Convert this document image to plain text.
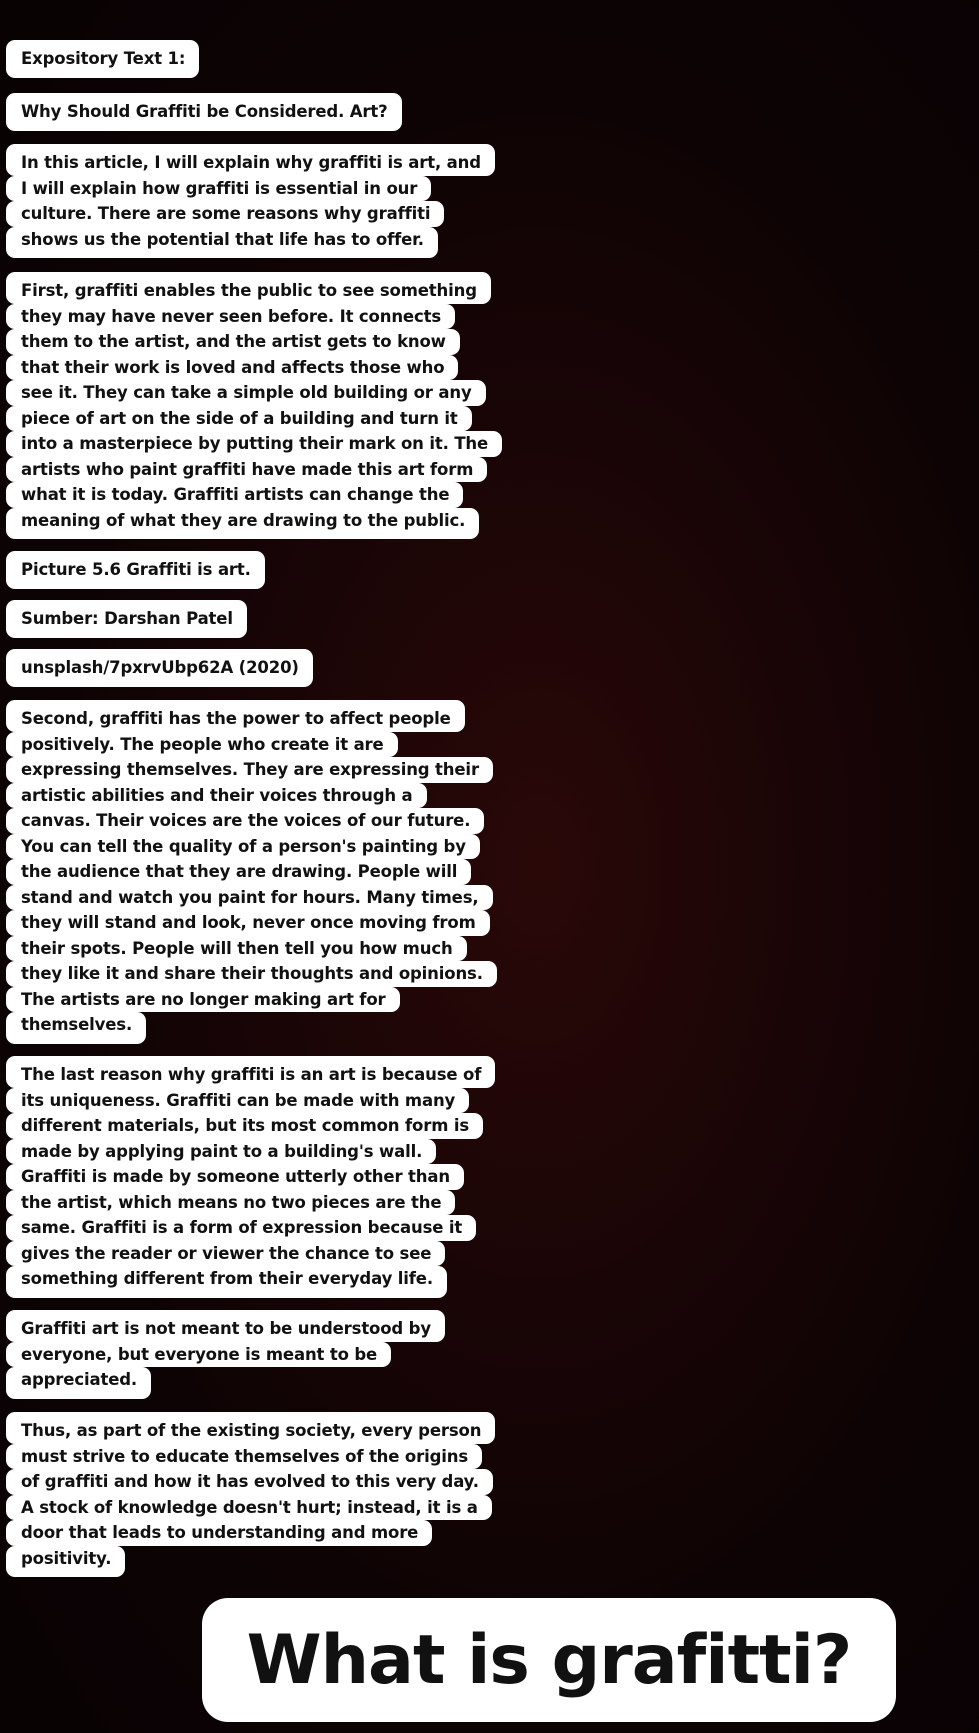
Expository Text 1:
Why Should Graffiti be Considered. Art?
In this article, I will explain why graffiti is art, and
I will explain how graffiti is essential in our
culture. There are some reasons why graffiti
shows us the potential that life has to offer.
First, graffiti enables the public to see something
they may have never seen before. It connects
them to the artist, and the artist gets to know
that their work is loved and affects those who
see it. They can take a simple old building or any
piece of art on the side of a building and turn it
into a masterpiece by putting their mark on it. The
artists who paint graffiti have made this art form
what it is today. Graffiti artists can change the
meaning of what they are drawing to the public.
Picture 5.6 Graffiti is art.
Sumber: Darshan Patel
unsplash/7pxrvUbp62A (2020)
Second, graffiti has the power to affect people
positively. The people who create it are
expressing themselves. They are expressing their
artistic abilities and their voices through a
canvas. Their voices are the voices of our future.
You can tell the quality of a person's painting by
the audience that they are drawing. People will
stand and watch you paint for hours. Many times,
they will stand and look, never once moving from
their spots. People will then tell you how much
they like it and share their thoughts and opinions.
The artists are no longer making art for
themselves.
The last reason why graffiti is an art is because of
its uniqueness. Graffiti can be made with many
different materials, but its most common form is
made by applying paint to a building's wall.
Graffiti is made by someone utterly other than
the artist, which means no two pieces are the
same. Graffiti is a form of expression because it
gives the reader or viewer the chance to see
something different from their everyday life.
Graffiti art is not meant to be understood by
everyone, but everyone is meant to be
appreciated.
Thus, as part of the existing society, every person
must strive to educate themselves of the origins
of graffiti and how it has evolved to this very day.
A stock of knowledge doesn't hurt; instead, it is a
door that leads to understanding and more
positivity.
What is grafitti?
